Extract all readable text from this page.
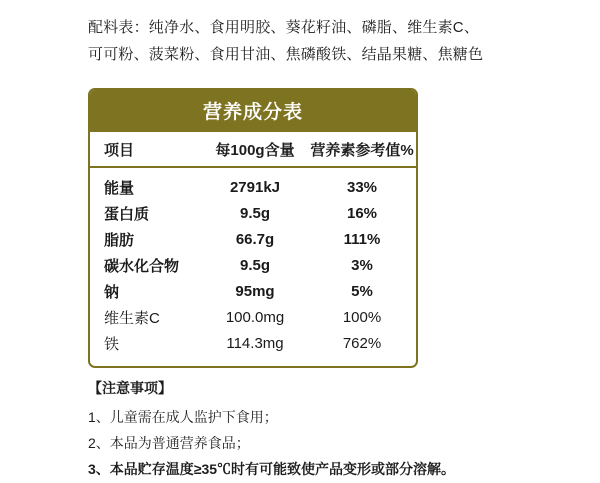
配料表：纯净水、食用明胶、葵花籽油、磷脂、维生素C、
可可粉、菠菜粉、食用甘油、焦磷酸铁、结晶果糖、焦糖色
营养成分表
项目	每100g含量	营养素参考值%
能量	2791kJ	33%
蛋白质	9.5g	16%
脂肪	66.7g	111%
碳水化合物	9.5g	3%
钠	95mg	5%
维生素C	100.0mg	100%
铁	114.3mg	762%
【注意事项】
1、儿童需在成人监护下食用；
2、本品为普通营养食品；
3、本品贮存温度≥35℃时有可能致使产品变形或部分溶解。
